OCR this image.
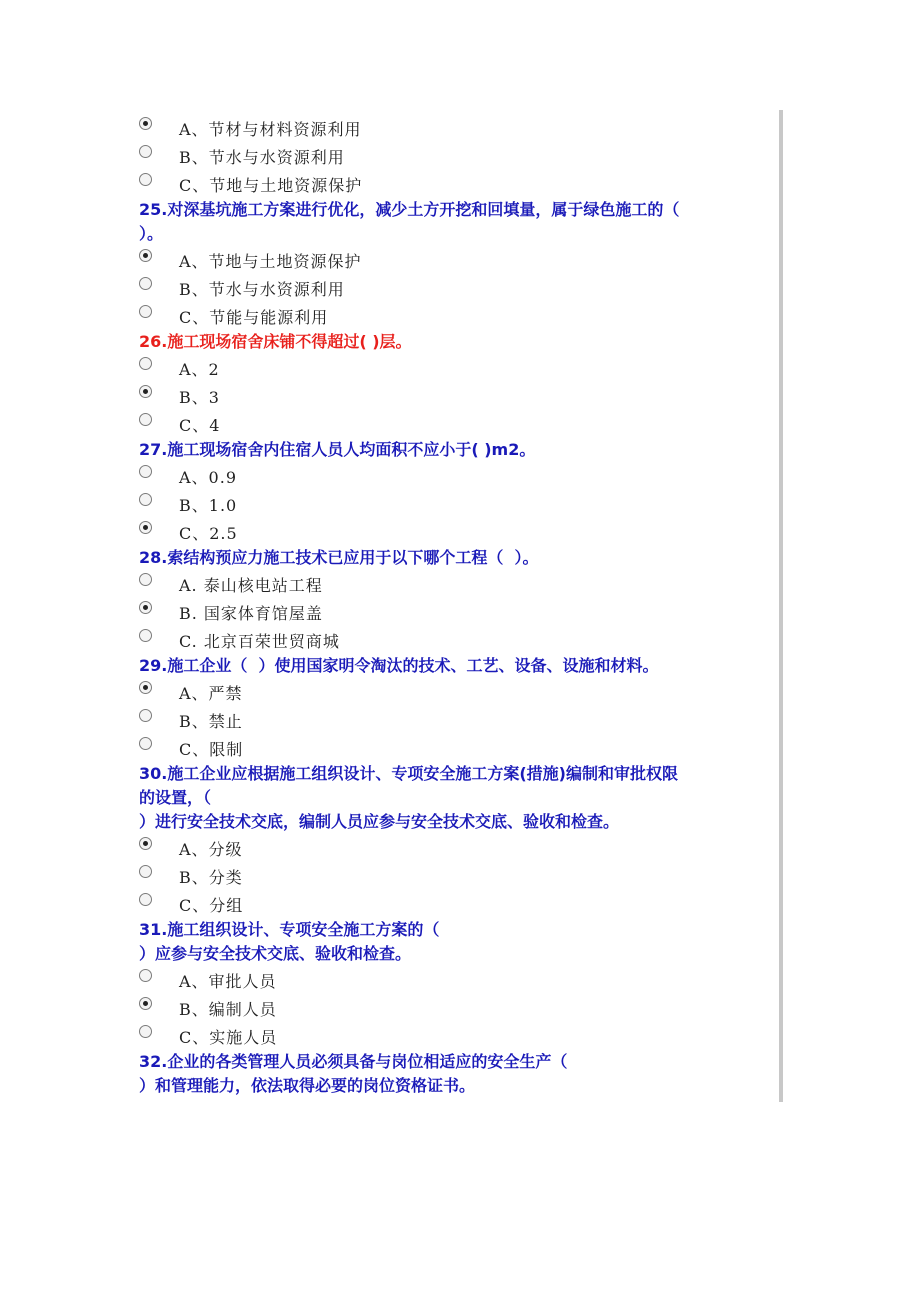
A、节材与材料资源利用
B、节水与水资源利用
C、节地与土地资源保护
25.对深基坑施工方案进行优化，减少土方开挖和回填量，属于绿色施工的（
）。
A、节地与土地资源保护
B、节水与水资源利用
C、节能与能源利用
26.施工现场宿舍床铺不得超过( )层。
A、2
B、3
C、4
27.施工现场宿舍内住宿人员人均面积不应小于( )m2。
A、0.9
B、1.0
C、2.5
28.索结构预应力施工技术已应用于以下哪个工程（  ）。
A. 泰山核电站工程
B. 国家体育馆屋盖
C. 北京百荣世贸商城
29.施工企业（  ）使用国家明令淘汰的技术、工艺、设备、设施和材料。
A、严禁
B、禁止
C、限制
30.施工企业应根据施工组织设计、专项安全施工方案(措施)编制和审批权限
的设置，（
）进行安全技术交底，编制人员应参与安全技术交底、验收和检查。
A、分级
B、分类
C、分组
31.施工组织设计、专项安全施工方案的（
）应参与安全技术交底、验收和检查。
A、审批人员
B、编制人员
C、实施人员
32.企业的各类管理人员必须具备与岗位相适应的安全生产（
）和管理能力，依法取得必要的岗位资格证书。
